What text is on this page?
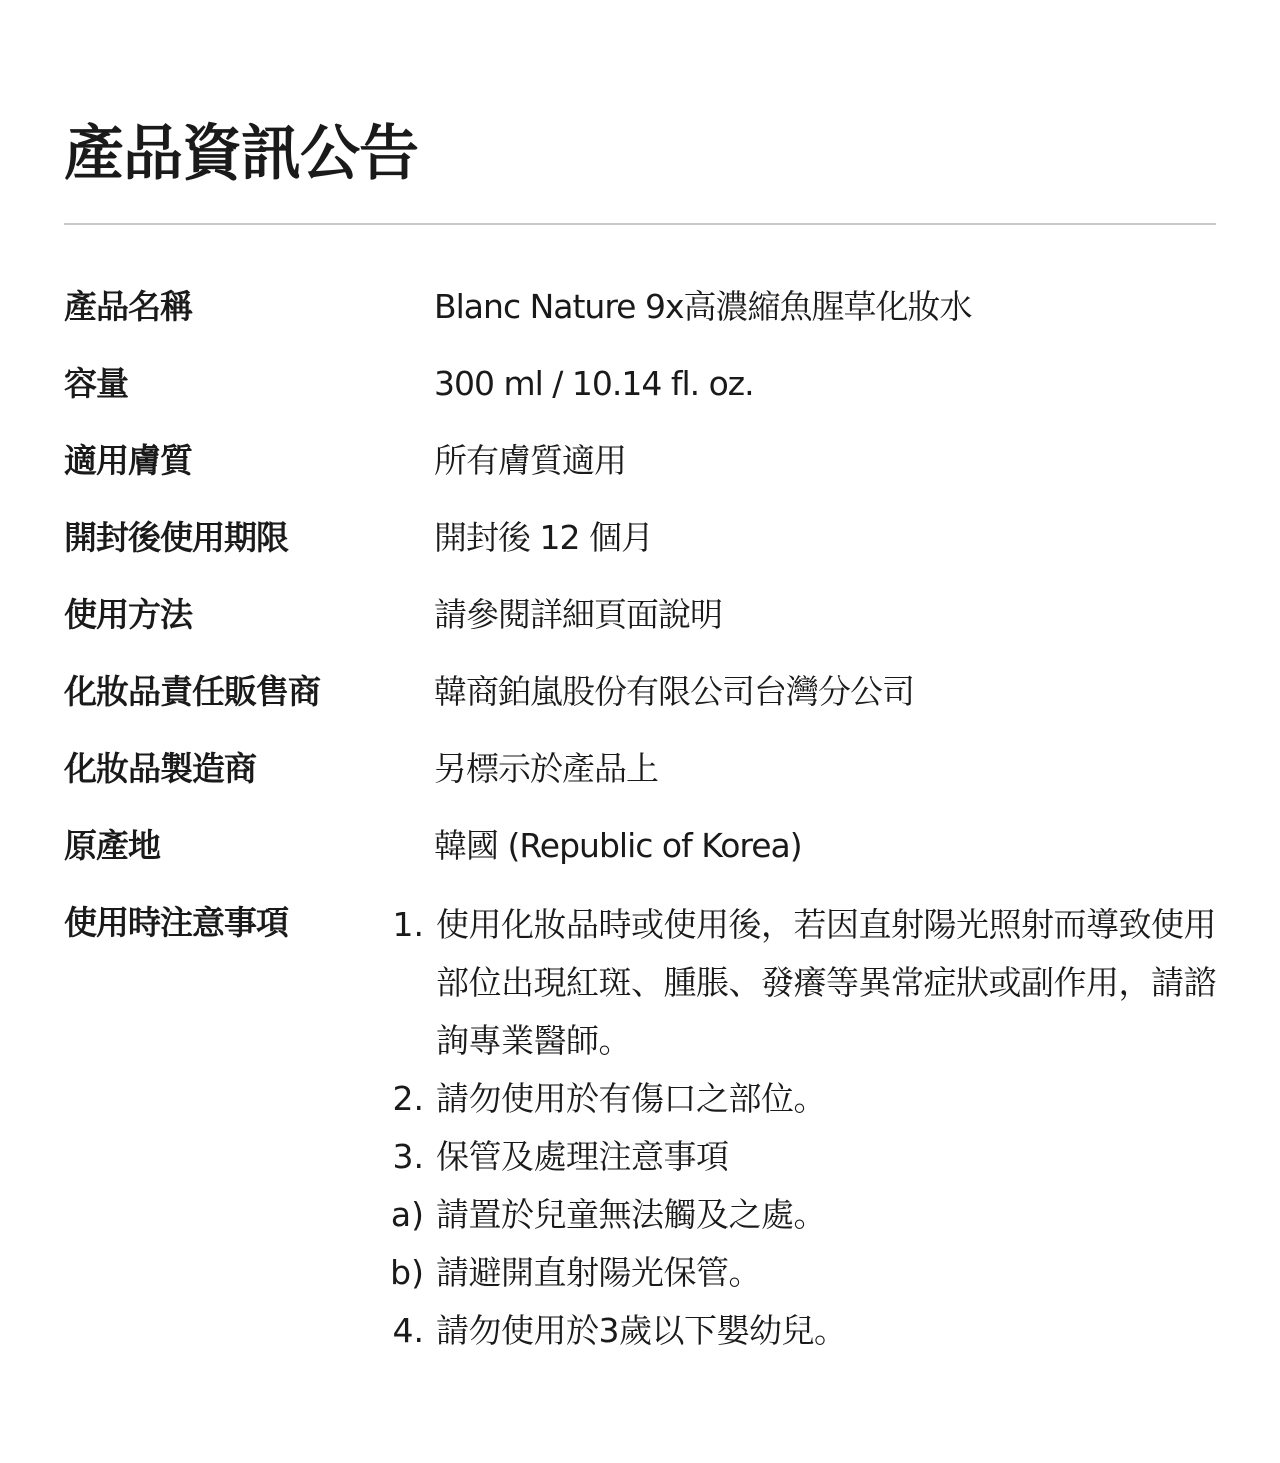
產品資訊公告
產品名稱	Blanc Nature 9x高濃縮魚腥草化妝水
容量	300 ml / 10.14 fl. oz.
適用膚質	所有膚質適用
開封後使用期限	開封後 12 個月
使用方法	請參閱詳細頁面說明
化妝品責任販售商	韓商鉑嵐股份有限公司台灣分公司
化妝品製造商	另標示於產品上
原產地	韓國 (Republic of Korea)
使用時注意事項	1. 使用化妝品時或使用後，若因直射陽光照射而導致使用部位出現紅斑、腫脹、發癢等異常症狀或副作用，請諮詢專業醫師。
2. 請勿使用於有傷口之部位。
3. 保管及處理注意事項
a) 請置於兒童無法觸及之處。
b) 請避開直射陽光保管。
4. 請勿使用於3歲以下嬰幼兒。
